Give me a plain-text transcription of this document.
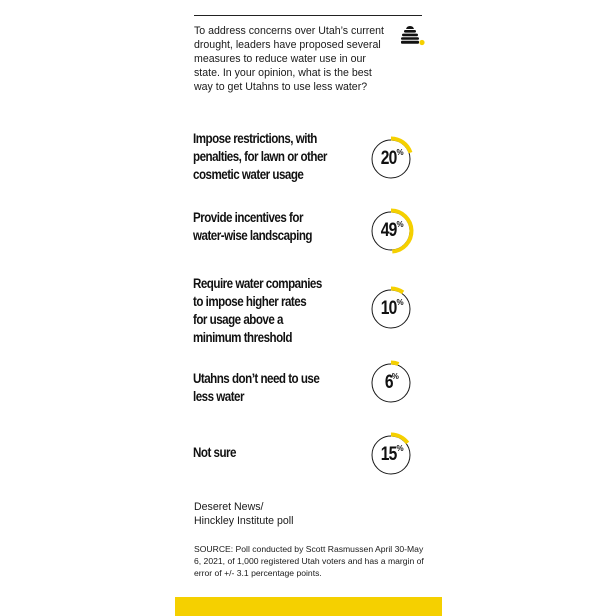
To address concerns over Utah’s current drought, leaders have proposed several measures to reduce water use in our state. In your opinion, what is the best way to get Utahns to use less water?
Impose restrictions, with
penalties, for lawn or other
cosmetic water usage
20 %
Provide incentives for
water-wise landscaping	49 %
Require water companies
to impose higher rates
for usage above a
minimum threshold
10 %
Utahns don’t need to use
less water
6
%
Not sure	15 %
Deseret News/
Hinckley Institute poll
SOURCE: Poll conducted by Scott Rasmussen April 30-May 6, 2021, of 1,000 registered Utah voters and has a margin of error of +/- 3.1 percentage points.
